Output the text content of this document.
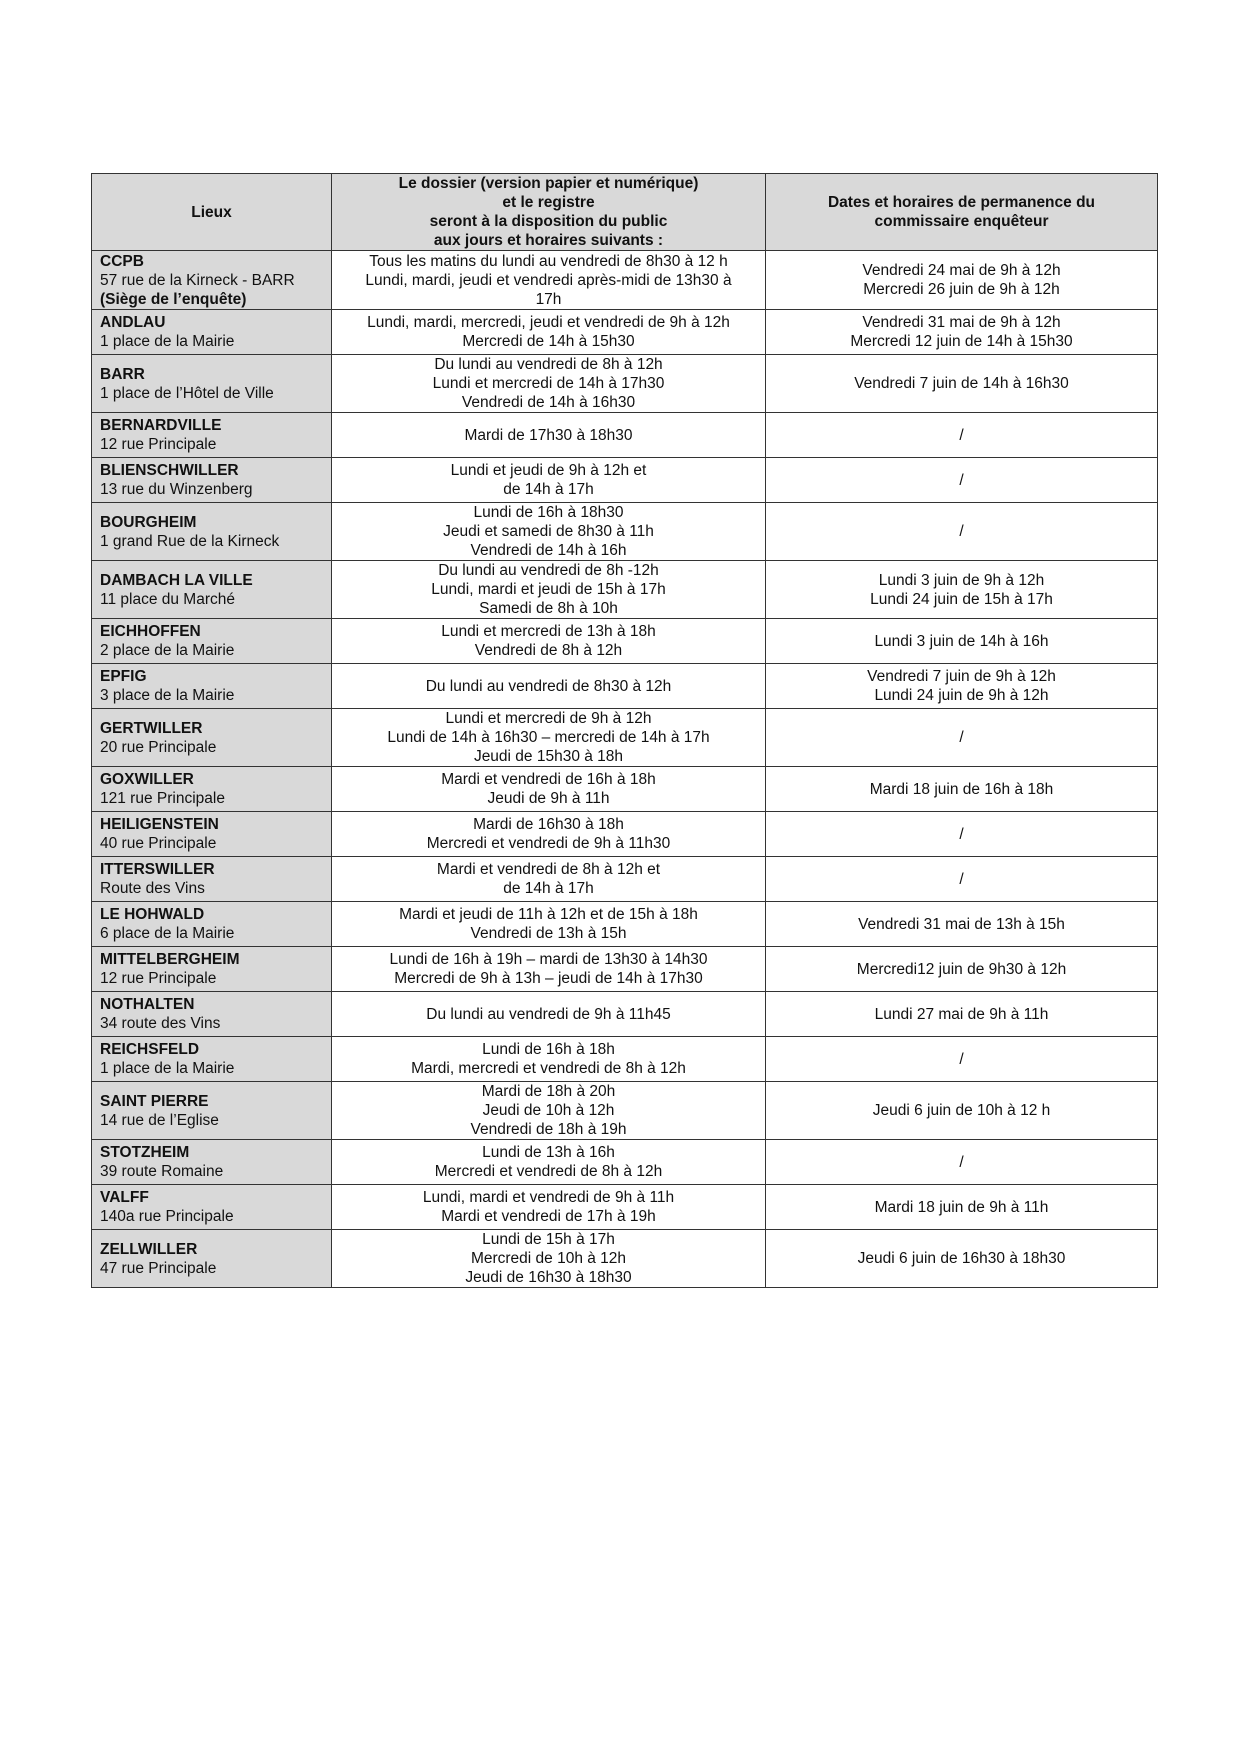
Lieux	Le dossier (version papier et numérique)
et le registre
seront à la disposition du public
aux jours et horaires suivants :	Dates et horaires de permanence du
commissaire enquêteur

CCPB
57 rue de la Kirneck - BARR
(Siège de l’enquête)	Tous les matins du lundi au vendredi de 8h30 à 12 h
Lundi, mardi, jeudi et vendredi après-midi de 13h30 à
17h	Vendredi 24 mai de 9h à 12h
Mercredi 26 juin de 9h à 12h

ANDLAU
1 place de la Mairie	Lundi, mardi, mercredi, jeudi et vendredi de 9h à 12h
Mercredi de 14h à 15h30	Vendredi 31 mai de 9h à 12h
Mercredi 12 juin de 14h à 15h30

BARR
1 place de l’Hôtel de Ville	Du lundi au vendredi de 8h à 12h
Lundi et mercredi de 14h à 17h30
Vendredi de 14h à 16h30	Vendredi 7 juin de 14h à 16h30

BERNARDVILLE
12 rue Principale	Mardi de 17h30 à 18h30	/

BLIENSCHWILLER
13 rue du Winzenberg	Lundi et jeudi de 9h à 12h et
de 14h à 17h	/

BOURGHEIM
1 grand Rue de la Kirneck	Lundi de 16h à 18h30
Jeudi et samedi de 8h30 à 11h
Vendredi de 14h à 16h	/

DAMBACH LA VILLE
11 place du Marché	Du lundi au vendredi de 8h -12h
Lundi, mardi et jeudi de 15h à 17h
Samedi de 8h à 10h	Lundi 3 juin de 9h à 12h
Lundi 24 juin de 15h à 17h

EICHHOFFEN
2 place de la Mairie	Lundi et mercredi de 13h à 18h
Vendredi de 8h à 12h	Lundi 3 juin de 14h à 16h

EPFIG
3 place de la Mairie	Du lundi au vendredi de 8h30 à 12h	Vendredi 7 juin de 9h à 12h
Lundi 24 juin de 9h à 12h

GERTWILLER
20 rue Principale	Lundi et mercredi de 9h à 12h
Lundi de 14h à 16h30 – mercredi de 14h à 17h
Jeudi de 15h30 à 18h	/

GOXWILLER
121 rue Principale	Mardi et vendredi de 16h à 18h
Jeudi de 9h à 11h	Mardi 18 juin de 16h à 18h

HEILIGENSTEIN
40 rue Principale	Mardi de 16h30 à 18h
Mercredi et vendredi de 9h à 11h30	/

ITTERSWILLER
Route des Vins	Mardi et vendredi de 8h à 12h et
de 14h à 17h	/

LE HOHWALD
6 place de la Mairie	Mardi et jeudi de 11h à 12h et de 15h à 18h
Vendredi de 13h à 15h	Vendredi 31 mai de 13h à 15h

MITTELBERGHEIM
12 rue Principale	Lundi de 16h à 19h – mardi de 13h30 à 14h30
Mercredi de 9h à 13h – jeudi de 14h à 17h30	Mercredi12 juin de 9h30 à 12h

NOTHALTEN
34 route des Vins	Du lundi au vendredi de 9h à 11h45	Lundi 27 mai de 9h à 11h

REICHSFELD
1 place de la Mairie	Lundi de 16h à 18h
Mardi, mercredi et vendredi de 8h à 12h	/

SAINT PIERRE
14 rue de l’Eglise	Mardi de 18h à 20h
Jeudi de 10h à 12h
Vendredi de 18h à 19h	Jeudi 6 juin de 10h à 12 h

STOTZHEIM
39 route Romaine	Lundi de 13h à 16h
Mercredi et vendredi de 8h à 12h	/

VALFF
140a rue Principale	Lundi, mardi et vendredi de 9h à 11h
Mardi et vendredi de 17h à 19h	Mardi 18 juin de 9h à 11h

ZELLWILLER
47 rue Principale	Lundi de 15h à 17h
Mercredi de 10h à 12h
Jeudi de 16h30 à 18h30	Jeudi 6 juin de 16h30 à 18h30
